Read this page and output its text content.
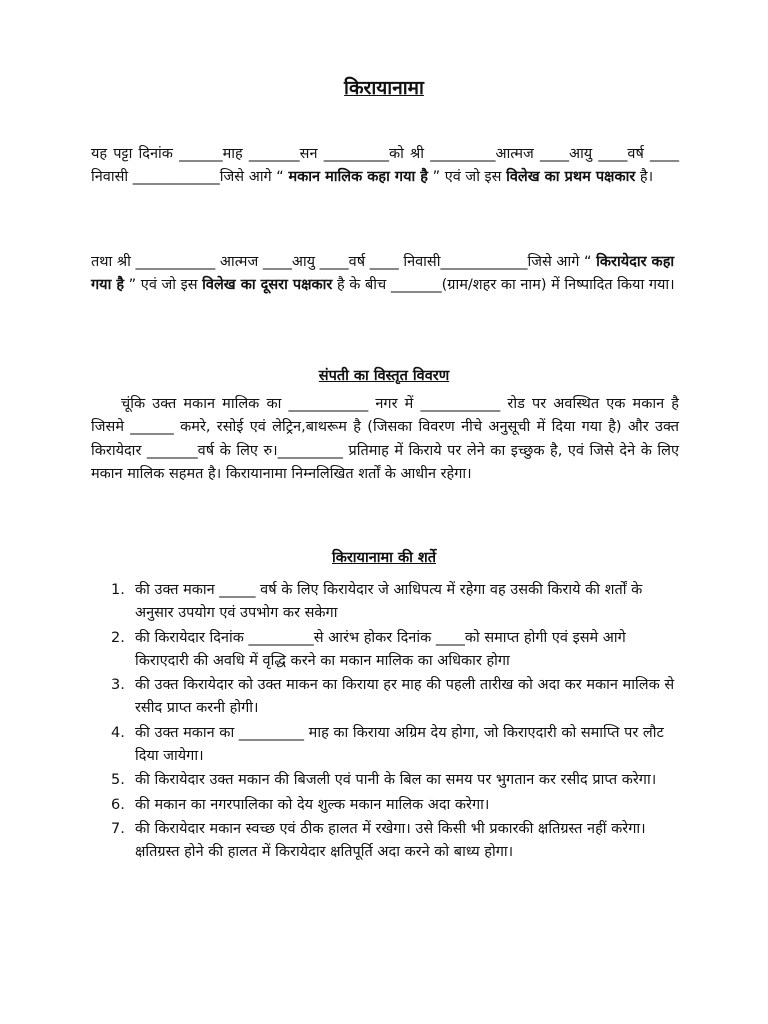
किरायानामा
यह पट्टा दिनांक ______माह _______सन _________को श्री _________आत्मज ____आयु ____वर्ष ____ निवासी ____________जिसे आगे “ मकान मालिक कहा गया है ” एवं जो इस विलेख का प्रथम पक्षकार है।
तथा श्री ___________ आत्मज ____आयु ____वर्ष ____ निवासी____________जिसे आगे “ किरायेदार कहा गया है ” एवं जो इस विलेख का दूसरा पक्षकार है के बीच _______(ग्राम/शहर का नाम) में निष्पादित किया गया।
संपती का विस्तृत विवरण
चूंकि उक्त मकान मालिक का ___________ नगर में ___________ रोड पर अवस्थित एक मकान है जिसमे ______ कमरे, रसोई एवं लेट्रिन,बाथरूम है (जिसका विवरण नीचे अनुसूची में दिया गया है) और उक्त किरायेदार _______वर्ष के लिए रु।_________ प्रतिमाह में किराये पर लेने का इच्छुक है, एवं जिसे देने के लिए मकान मालिक सहमत है। किरायानामा निम्नलिखित शर्तों के आधीन रहेगा।
किरायानामा की शर्ते
1. की उक्त मकान _____ वर्ष के लिए किरायेदार जे आधिपत्य में रहेगा वह उसकी किराये की शर्तों के अनुसार उपयोग एवं उपभोग कर सकेगा
2. की किरायेदार दिनांक _________से आरंभ होकर दिनांक ____को समाप्त होगी एवं इसमे आगे किराएदारी की अवधि में वृद्धि करने का मकान मालिक का अधिकार होगा
3. की उक्त किरायेदार को उक्त माकन का किराया हर माह की पहली तारीख को अदा कर मकान मालिक से रसीद प्राप्त करनी होगी।
4. की उक्त मकान का _________ माह का किराया अग्रिम देय होगा, जो किराएदारी को समाप्ति पर लौट दिया जायेगा।
5. की किरायेदार उक्त मकान की बिजली एवं पानी के बिल का समय पर भुगतान कर रसीद प्राप्त करेगा।
6. की मकान का नगरपालिका को देय शुल्क मकान मालिक अदा करेगा।
7. की किरायेदार मकान स्वच्छ एवं ठीक हालत में रखेगा। उसे किसी भी प्रकारकी क्षतिग्रस्त नहीं करेगा। क्षतिग्रस्त होने की हालत में किरायेदार क्षतिपूर्ति अदा करने को बाध्य होगा।
